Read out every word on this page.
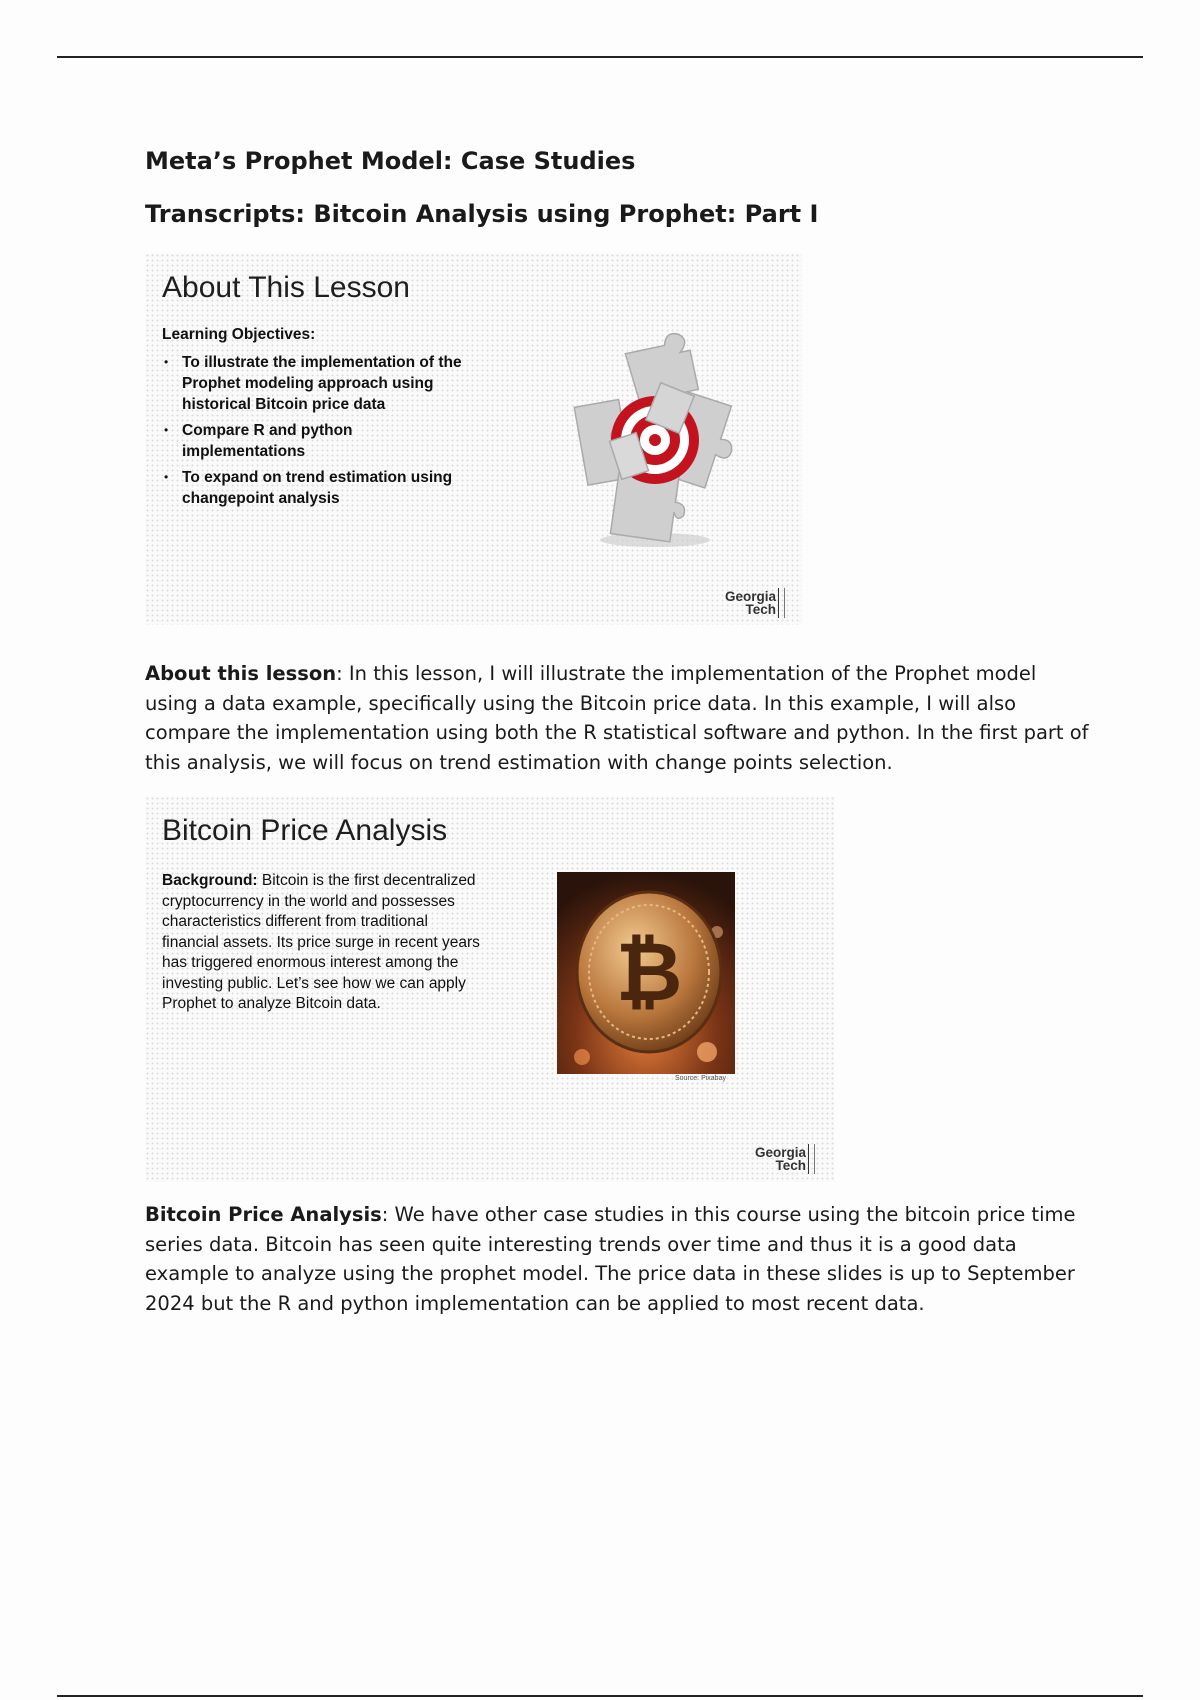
Meta’s Prophet Model: Case Studies
Transcripts: Bitcoin Analysis using Prophet: Part I
About This Lesson
Learning Objectives:
• To illustrate the implementation of the Prophet modeling approach using historical Bitcoin price data
• Compare R and python implementations
• To expand on trend estimation using changepoint analysis
Georgia
Tech

About this lesson: In this lesson, I will illustrate the implementation of the Prophet model using a data example, specifically using the Bitcoin price data. In this example, I will also compare the implementation using both the R statistical software and python. In the first part of this analysis, we will focus on trend estimation with change points selection.

Bitcoin Price Analysis
Background: Bitcoin is the first decentralized cryptocurrency in the world and possesses characteristics different from traditional financial assets. Its price surge in recent years has triggered enormous interest among the investing public. Let’s see how we can apply Prophet to analyze Bitcoin data.	₿
Source: Pixabay
Georgia
Tech

Bitcoin Price Analysis: We have other case studies in this course using the bitcoin price time series data. Bitcoin has seen quite interesting trends over time and thus it is a good data example to analyze using the prophet model. The price data in these slides is up to September 2024 but the R and python implementation can be applied to most recent data.
